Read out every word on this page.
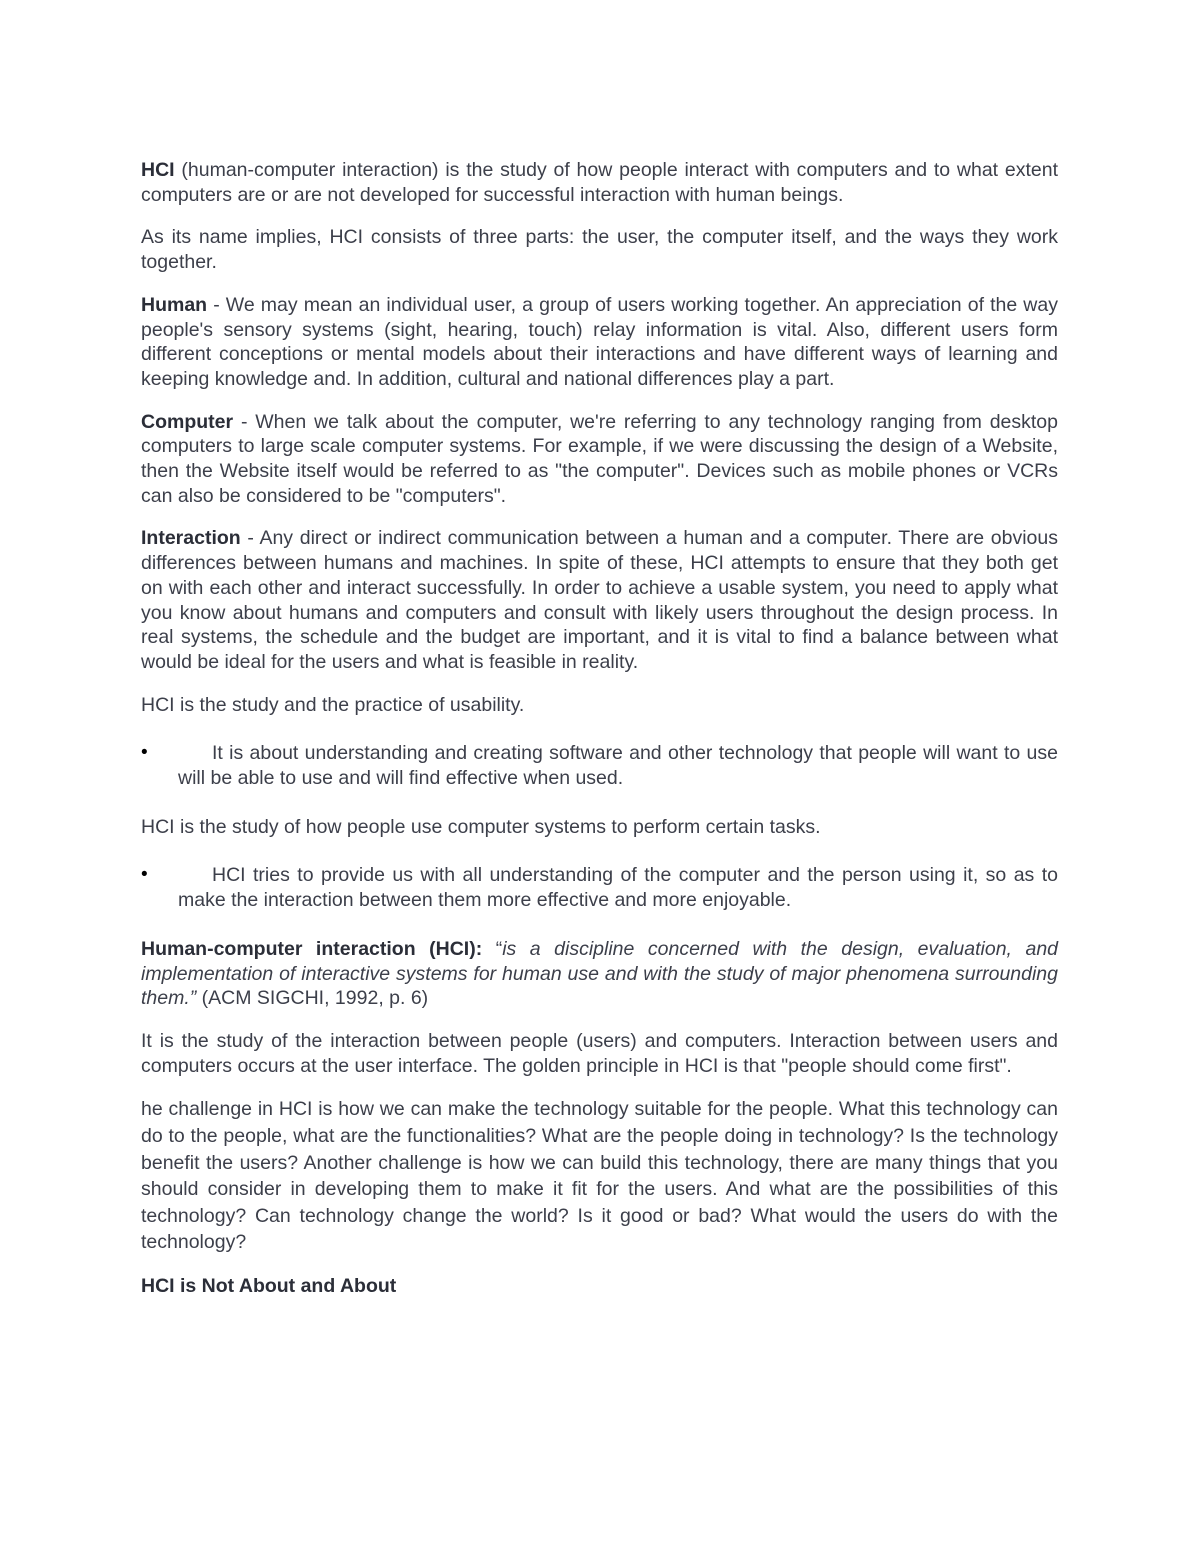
HCI (human-computer interaction) is the study of how people interact with computers and to what extent computers are or are not developed for successful interaction with human beings.

As its name implies, HCI consists of three parts: the user, the computer itself, and the ways they work together.

Human - We may mean an individual user, a group of users working together. An appreciation of the way people's sensory systems (sight, hearing, touch) relay information is vital. Also, different users form different conceptions or mental models about their interactions and have different ways of learning and keeping knowledge and. In addition, cultural and national differences play a part.

Computer - When we talk about the computer, we're referring to any technology ranging from desktop computers to large scale computer systems. For example, if we were discussing the design of a Website, then the Website itself would be referred to as "the computer". Devices such as mobile phones or VCRs can also be considered to be "computers".

Interaction - Any direct or indirect communication between a human and a computer. There are obvious differences between humans and machines. In spite of these, HCI attempts to ensure that they both get on with each other and interact successfully. In order to achieve a usable system, you need to apply what you know about humans and computers and consult with likely users throughout the design process. In real systems, the schedule and the budget are important, and it is vital to find a balance between what would be ideal for the users and what is feasible in reality.

HCI is the study and the practice of usability.

•	It is about understanding and creating software and other technology that people will want to use will be able to use and will find effective when used.

HCI is the study of how people use computer systems to perform certain tasks.

•	HCI tries to provide us with all understanding of the computer and the person using it, so as to make the interaction between them more effective and more enjoyable.

Human-computer interaction (HCI): “is a discipline concerned with the design, evaluation, and implementation of interactive systems for human use and with the study of major phenomena surrounding them.” (ACM SIGCHI, 1992, p. 6)

It is the study of the interaction between people (users) and computers. Interaction between users and computers occurs at the user interface. The golden principle in HCI is that "people should come first".

he challenge in HCI is how we can make the technology suitable for the people. What this technology can do to the people, what are the functionalities? What are the people doing in technology? Is the technology benefit the users? Another challenge is how we can build this technology, there are many things that you should consider in developing them to make it fit for the users. And what are the possibilities of this technology? Can technology change the world? Is it good or bad? What would the users do with the technology?

HCI is Not About and About
